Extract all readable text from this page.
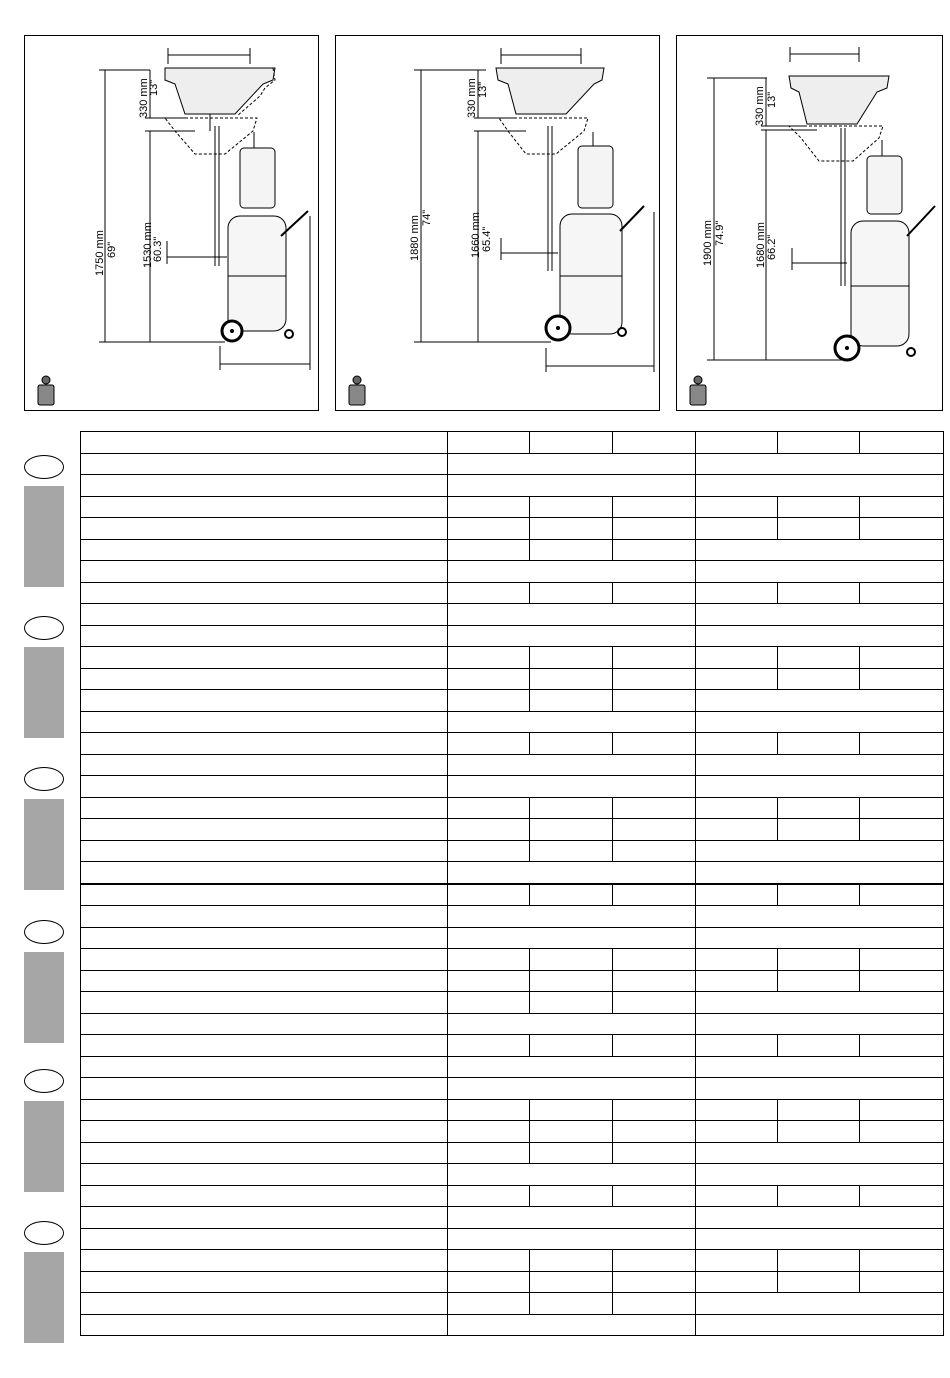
1750 mm 69"
330 mm
13"
1530 mm
60.3"	1880 mm 74"
330 mm 13"
1660 mm 65.4"	1900 mm 74.9"
330 mm 13"
1680 mm 66.2"
